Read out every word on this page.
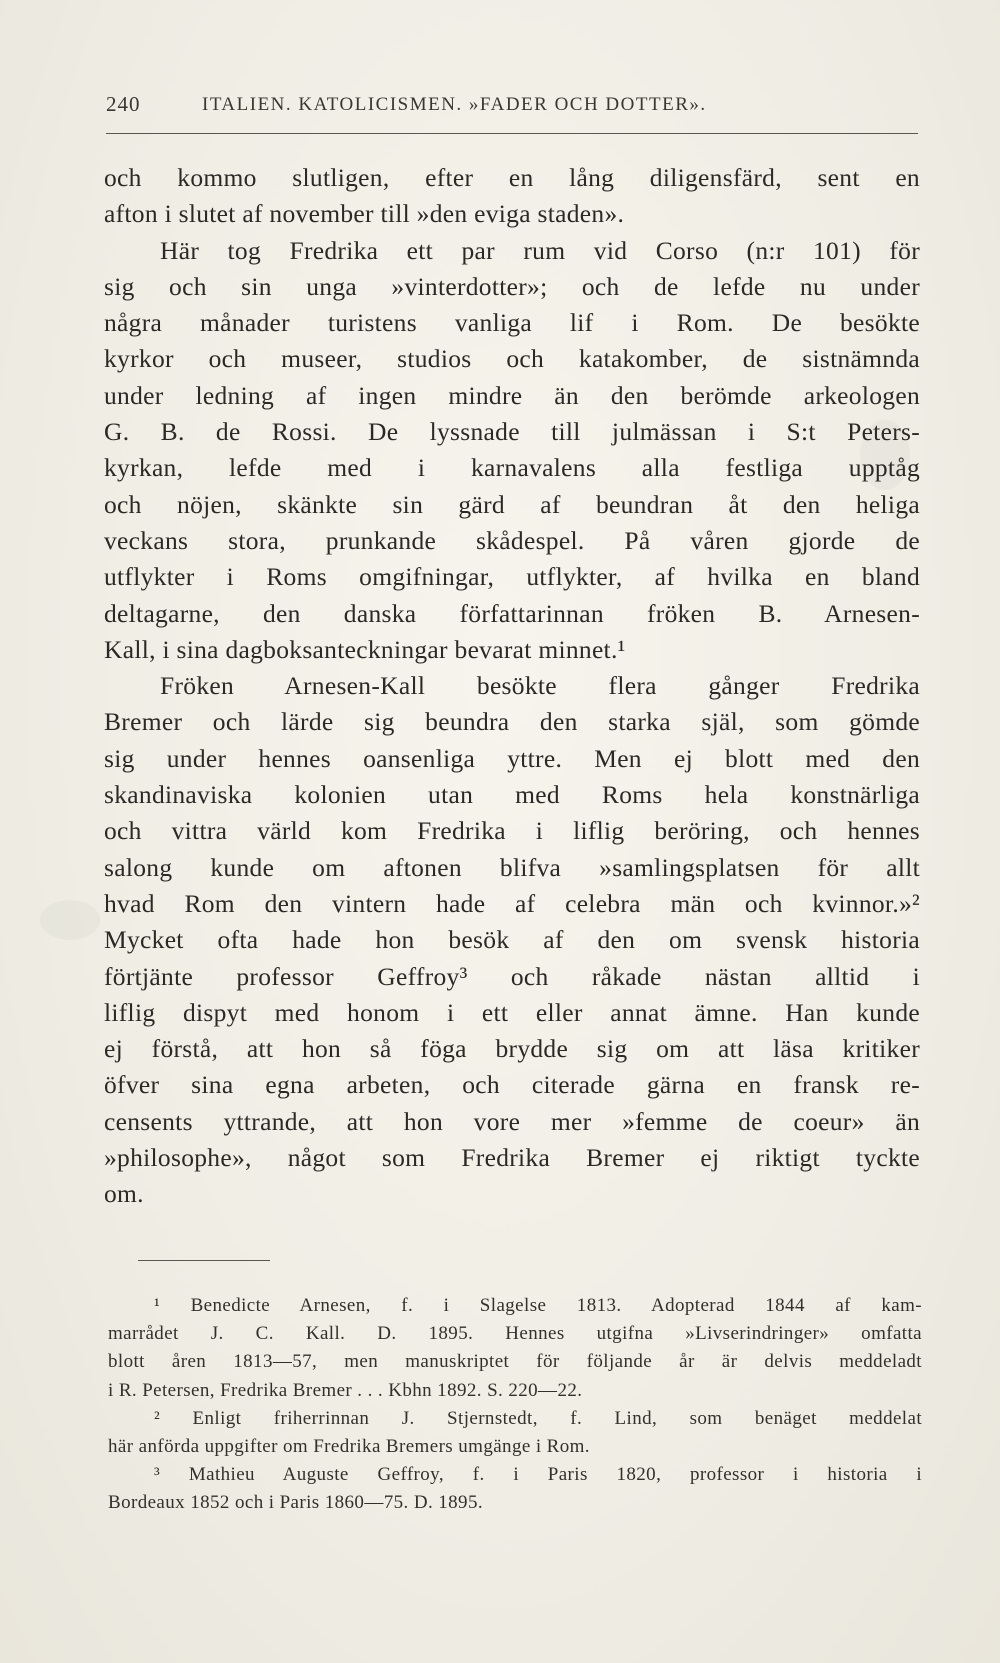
240	ITALIEN. KATOLICISMEN. »FADER OCH DOTTER».
och kommo slutligen, efter en lång diligensfärd, sent en
afton i slutet af november till »den eviga staden».
Här tog Fredrika ett par rum vid Corso (n:r 101) för
sig och sin unga »vinterdotter»; och de lefde nu under
några månader turistens vanliga lif i Rom. De besökte
kyrkor och museer, studios och katakomber, de sistnämnda
under ledning af ingen mindre än den berömde arkeologen
G. B. de Rossi. De lyssnade till julmässan i S:t Peters-
kyrkan, lefde med i karnavalens alla festliga upptåg
och nöjen, skänkte sin gärd af beundran åt den heliga
veckans stora, prunkande skådespel. På våren gjorde de
utflykter i Roms omgifningar, utflykter, af hvilka en bland
deltagarne, den danska författarinnan fröken B. Arnesen-
Kall, i sina dagboksanteckningar bevarat minnet.¹
Fröken Arnesen-Kall besökte flera gånger Fredrika
Bremer och lärde sig beundra den starka själ, som gömde
sig under hennes oansenliga yttre. Men ej blott med den
skandinaviska kolonien utan med Roms hela konstnärliga
och vittra värld kom Fredrika i liflig beröring, och hennes
salong kunde om aftonen blifva »samlingsplatsen för allt
hvad Rom den vintern hade af celebra män och kvinnor.»²
Mycket ofta hade hon besök af den om svensk historia
förtjänte professor Geffroy³ och råkade nästan alltid i
liflig dispyt med honom i ett eller annat ämne. Han kunde
ej förstå, att hon så föga brydde sig om att läsa kritiker
öfver sina egna arbeten, och citerade gärna en fransk re-
censents yttrande, att hon vore mer »femme de coeur» än
»philosophe», något som Fredrika Bremer ej riktigt tyckte
om.
¹ Benedicte Arnesen, f. i Slagelse 1813. Adopterad 1844 af kam-
marrådet J. C. Kall. D. 1895. Hennes utgifna »Livserindringer» omfatta
blott åren 1813—57, men manuskriptet för följande år är delvis meddeladt
i R. Petersen, Fredrika Bremer . . . Kbhn 1892. S. 220—22.
² Enligt friherrinnan J. Stjernstedt, f. Lind, som benäget meddelat
här anförda uppgifter om Fredrika Bremers umgänge i Rom.
³ Mathieu Auguste Geffroy, f. i Paris 1820, professor i historia i
Bordeaux 1852 och i Paris 1860—75. D. 1895.
